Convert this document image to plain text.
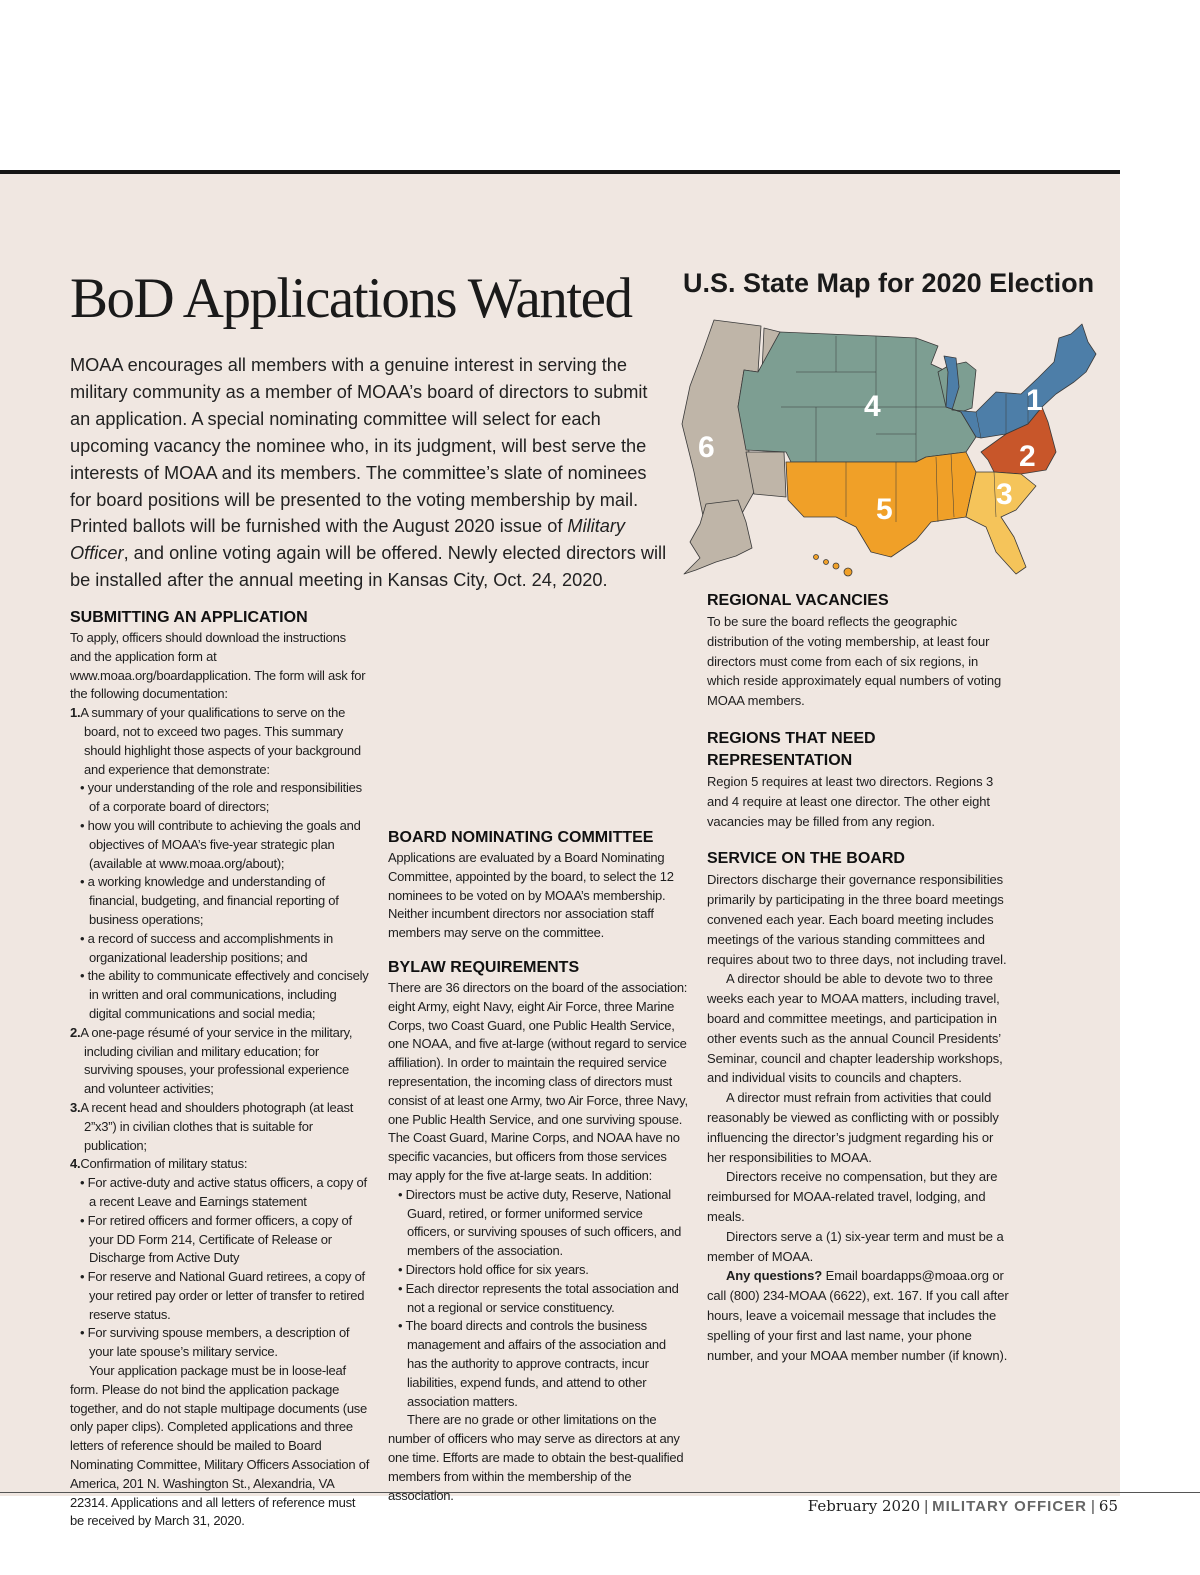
BoD Applications Wanted

MOAA encourages all members with a genuine interest in serving the military community as a member of MOAA’s board of directors to submit an application. A special nominating committee will select for each upcoming vacancy the nominee who, in its judgment, will best serve the interests of MOAA and its members. The committee’s slate of nominees for board positions will be presented to the voting membership by mail. Printed ballots will be furnished with the August 2020 issue of Military Officer, and online voting again will be offered. Newly elected directors will be installed after the annual meeting in Kansas City, Oct. 24, 2020.

U.S. State Map for 2020 Election
1
2
3
4
5
6
SUBMITTING AN APPLICATION

To apply, officers should download the instructions and the application form at www.moaa.org/boardapplication. The form will ask for the following documentation:

1.A summary of your qualifications to serve on the board, not to exceed two pages. This summary should highlight those aspects of your background and experience that demonstrate:
• your understanding of the role and responsibilities of a corporate board of directors;
• how you will contribute to achieving the goals and objectives of MOAA’s five-year strategic plan (available at www.moaa.org/about);
• a working knowledge and understanding of financial, budgeting, and financial reporting of business operations;
• a record of success and accomplishments in organizational leadership positions; and
• the ability to communicate effectively and concisely in written and oral communications, including digital communications and social media;
2.A one-page résumé of your service in the military, including civilian and military education; for surviving spouses, your professional experience and volunteer activities;
3.A recent head and shoulders photograph (at least 2”x3”) in civilian clothes that is suitable for publication;
4.Confirmation of military status:
• For active-duty and active status officers, a copy of a recent Leave and Earnings statement
• For retired officers and former officers, a copy of your DD Form 214, Certificate of Release or Discharge from Active Duty
• For reserve and National Guard retirees, a copy of your retired pay order or letter of transfer to retired reserve status.
• For surviving spouse members, a description of your late spouse’s military service.

Your application package must be in loose-leaf form. Please do not bind the application package together, and do not staple multipage documents (use only paper clips). Completed applications and three letters of reference should be mailed to Board Nominating Committee, Military Officers Association of America, 201 N. Washington St., Alexandria, VA 22314. Applications and all letters of reference must be received by March 31, 2020.

BOARD NOMINATING COMMITTEE

Applications are evaluated by a Board Nominating Committee, appointed by the board, to select the 12 nominees to be voted on by MOAA’s membership. Neither incumbent directors nor association staff members may serve on the committee.

BYLAW REQUIREMENTS

There are 36 directors on the board of the association: eight Army, eight Navy, eight Air Force, three Marine Corps, two Coast Guard, one Public Health Service, one NOAA, and five at-large (without regard to service affiliation). In order to maintain the required service representation, the incoming class of directors must consist of at least one Army, two Air Force, three Navy, one Public Health Service, and one surviving spouse. The Coast Guard, Marine Corps, and NOAA have no specific vacancies, but officers from those services may apply for the five at-large seats. In addition:

• Directors must be active duty, Reserve, National Guard, retired, or former uniformed service officers, or surviving spouses of such officers, and members of the association.
• Directors hold office for six years.
• Each director represents the total association and not a regional or service constituency.
• The board directs and controls the business management and affairs of the association and has the authority to approve contracts, incur liabilities, expend funds, and attend to other association matters.

There are no grade or other limitations on the number of officers who may serve as directors at any one time. Efforts are made to obtain the best-qualified members from within the membership of the association.

REGIONAL VACANCIES

To be sure the board reflects the geographic distribution of the voting membership, at least four directors must come from each of six regions, in which reside approximately equal numbers of voting MOAA members.

REGIONS THAT NEED REPRESENTATION

Region 5 requires at least two directors. Regions 3 and 4 require at least one director. The other eight vacancies may be filled from any region.

SERVICE ON THE BOARD

Directors discharge their governance responsibilities primarily by participating in the three board meetings convened each year. Each board meeting includes meetings of the various standing committees and requires about two to three days, not including travel.

A director should be able to devote two to three weeks each year to MOAA matters, including travel, board and committee meetings, and participation in other events such as the annual Council Presidents’ Seminar, council and chapter leadership workshops, and individual visits to councils and chapters.

A director must refrain from activities that could reasonably be viewed as conflicting with or possibly influencing the director’s judgment regarding his or her responsibilities to MOAA.

Directors receive no compensation, but they are reimbursed for MOAA-related travel, lodging, and meals.

Directors serve a (1) six-year term and must be a member of MOAA.

Any questions? Email boardapps@moaa.org or call (800) 234-MOAA (6622), ext. 167. If you call after hours, leave a voicemail message that includes the spelling of your first and last name, your phone number, and your MOAA member number (if known).

February 2020 | MILITARY OFFICER | 65
